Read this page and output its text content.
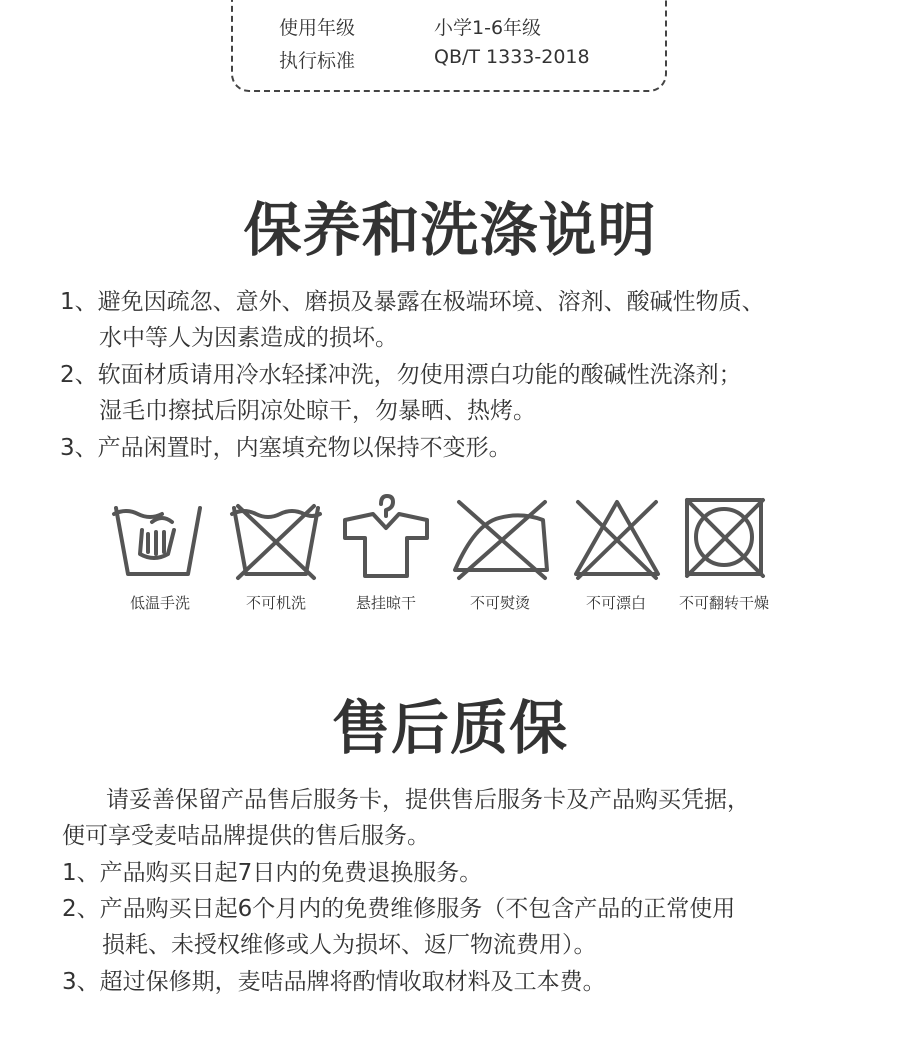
使用年级	小学1-6年级
执行标准	QB/T 1333-2018
保养和洗涤说明
1、避免因疏忽、意外、磨损及暴露在极端环境、溶剂、酸碱性物质、
水中等人为因素造成的损坏。
2、软面材质请用冷水轻揉冲洗，勿使用漂白功能的酸碱性洗涤剂；
湿毛巾擦拭后阴凉处晾干，勿暴晒、热烤。
3、产品闲置时，内塞填充物以保持不变形。
低温手洗	不可机洗	悬挂晾干	不可熨烫	不可漂白	不可翻转干燥
售后质保
请妥善保留产品售后服务卡，提供售后服务卡及产品购买凭据，
便可享受麦咭品牌提供的售后服务。
1、产品购买日起7日内的免费退换服务。
2、产品购买日起6个月内的免费维修服务（不包含产品的正常使用
损耗、未授权维修或人为损坏、返厂物流费用）。
3、超过保修期，麦咭品牌将酌情收取材料及工本费。
